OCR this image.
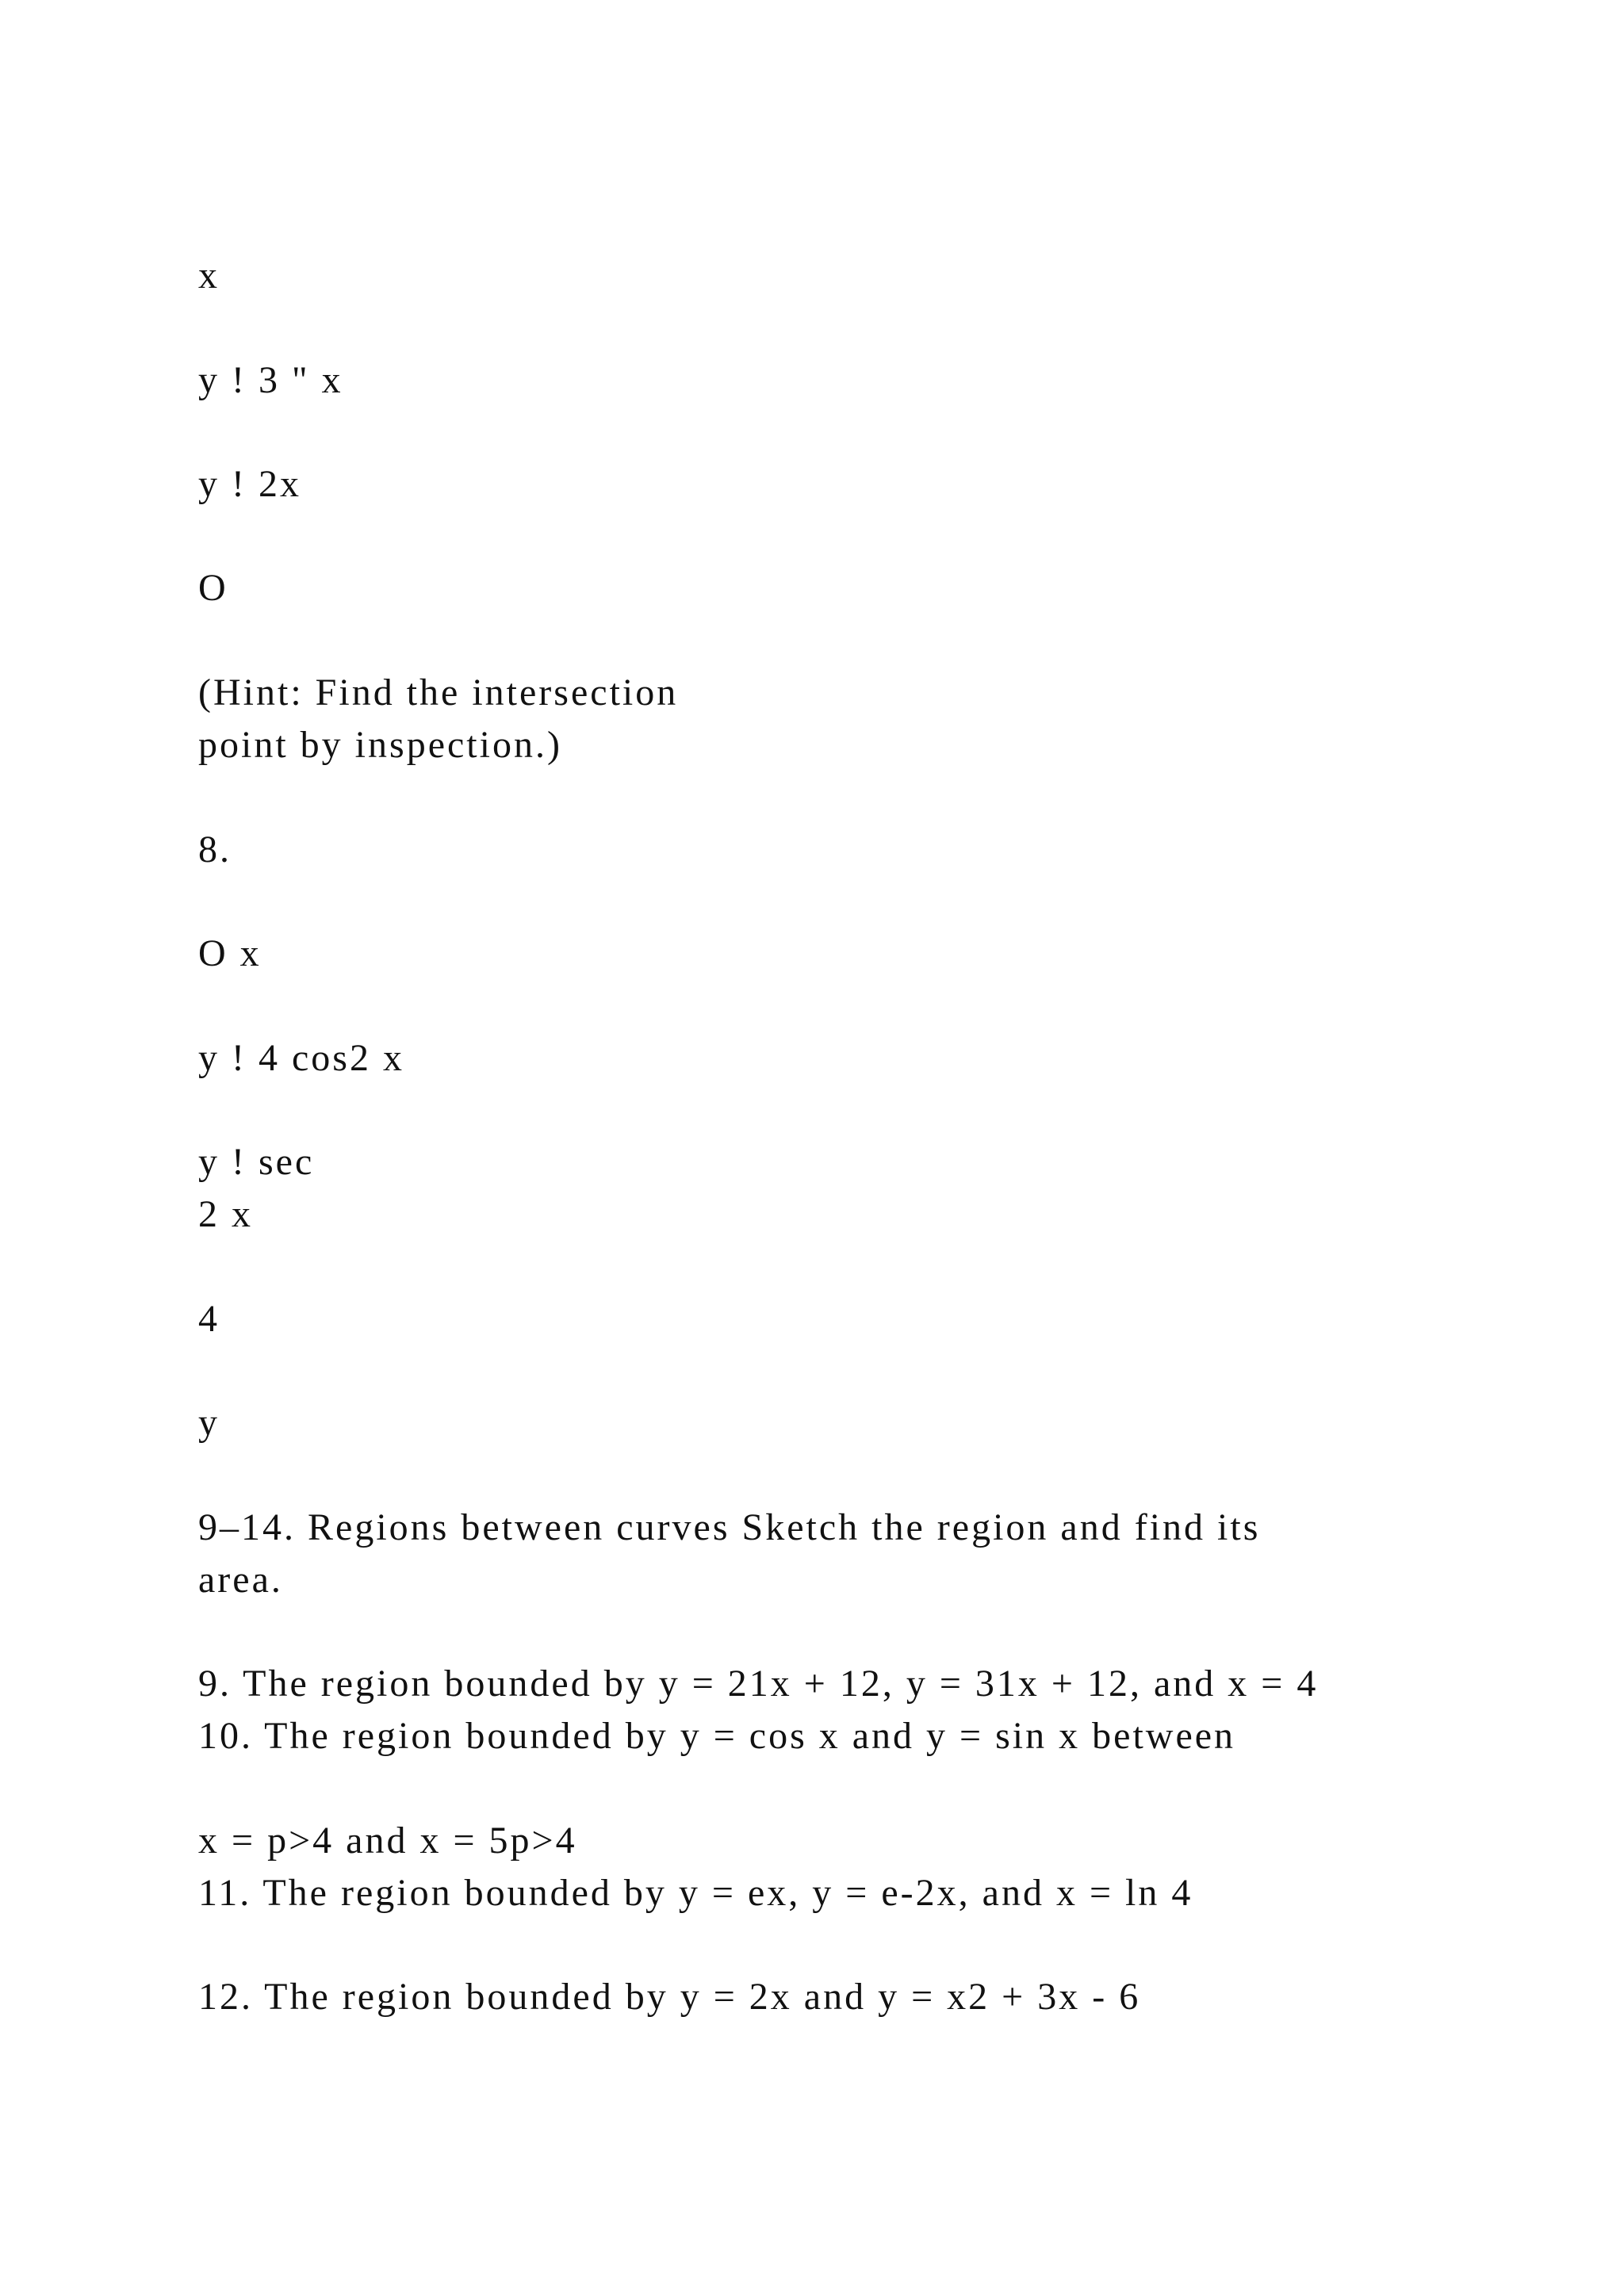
x
y ! 3 " x
y ! 2x
O
(Hint: Find the intersection
point by inspection.)
8.
O x
y ! 4 cos2 x
y ! sec
2 x
4
y
9–14. Regions between curves Sketch the region and find its
area.
9. The region bounded by y = 21x + 12, y = 31x + 12, and x = 4
10. The region bounded by y = cos x and y = sin x between
x = p>4 and x = 5p>4
11. The region bounded by y = ex, y = e-2x, and x = ln 4
12. The region bounded by y = 2x and y = x2 + 3x - 6
